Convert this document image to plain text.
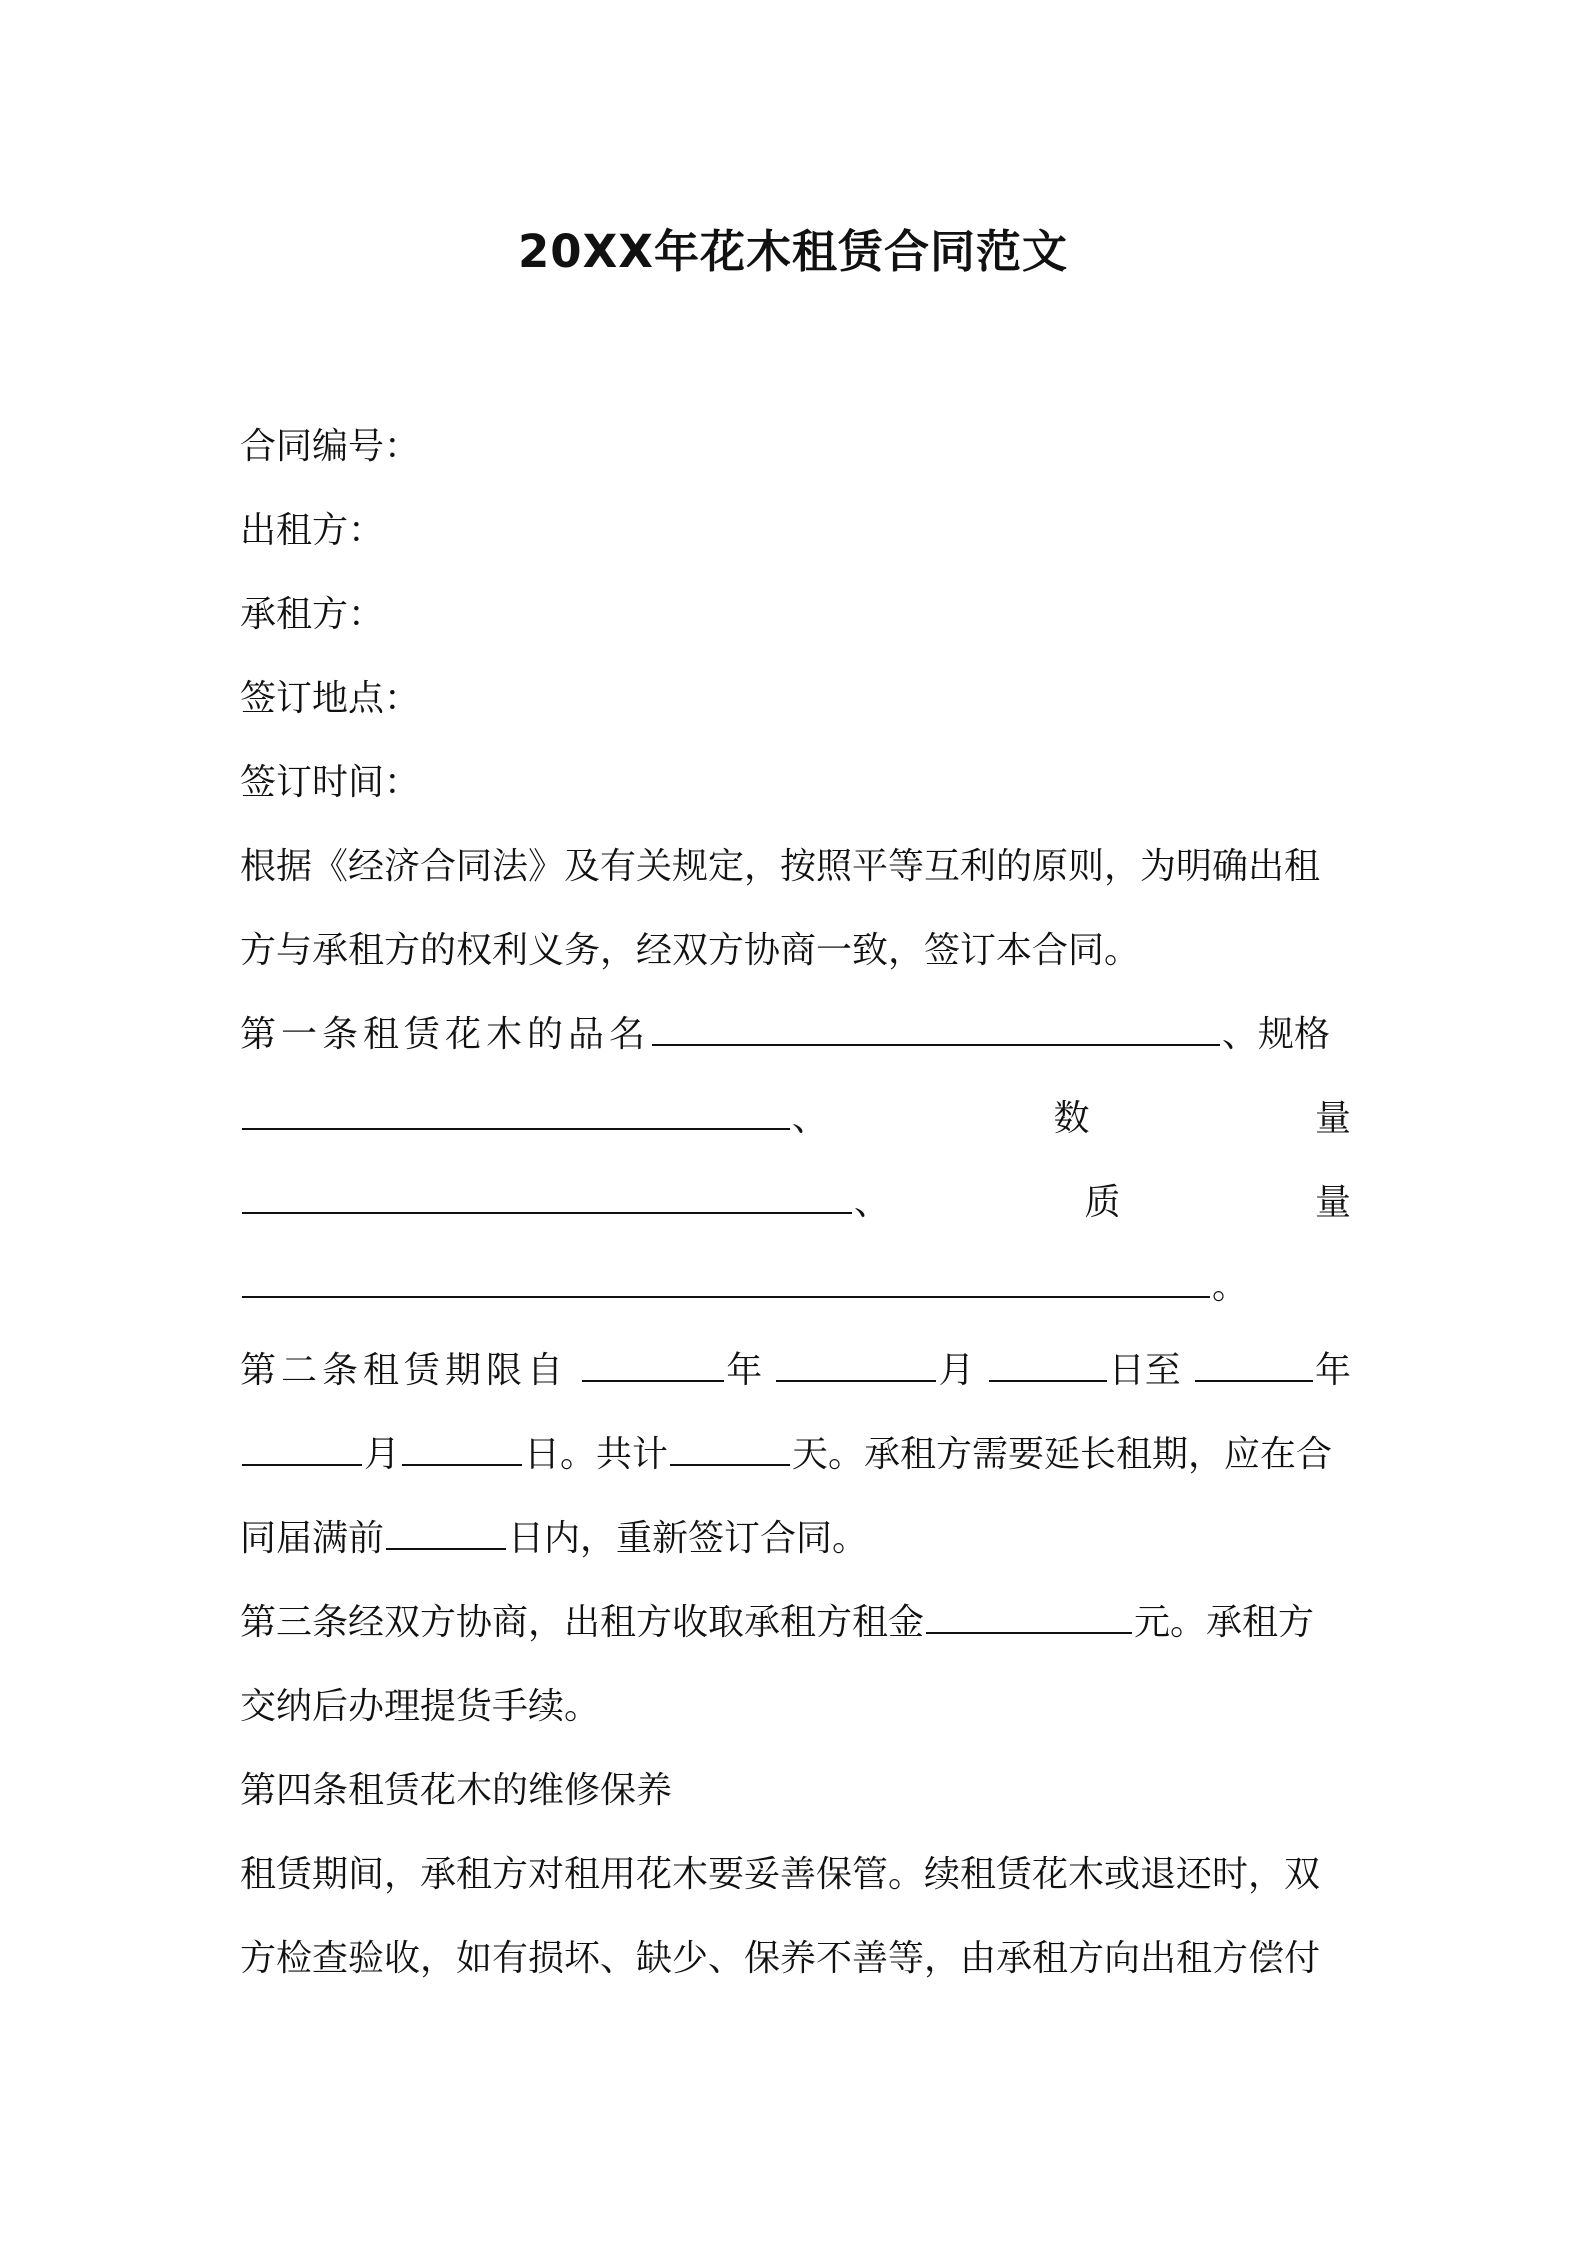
20XX年花木租赁合同范文
合同编号：
出租方：
承租方：
签订地点：
签订时间：
根据《经济合同法》及有关规定，按照平等互利的原则，为明确出租
方与承租方的权利义务，经双方协商一致，签订本合同。
第一条租赁花木的品名	、规格
、	数	量
、	质	量
。
第二条租赁期限自	年	月	日至	年
月	日。共计	天。承租方需要延长租期，应在合
同届满前	日内，重新签订合同。
第三条经双方协商，出租方收取承租方租金	元。承租方
交纳后办理提货手续。
第四条租赁花木的维修保养
租赁期间，承租方对租用花木要妥善保管。续租赁花木或退还时，双
方检查验收，如有损坏、缺少、保养不善等，由承租方向出租方偿付
